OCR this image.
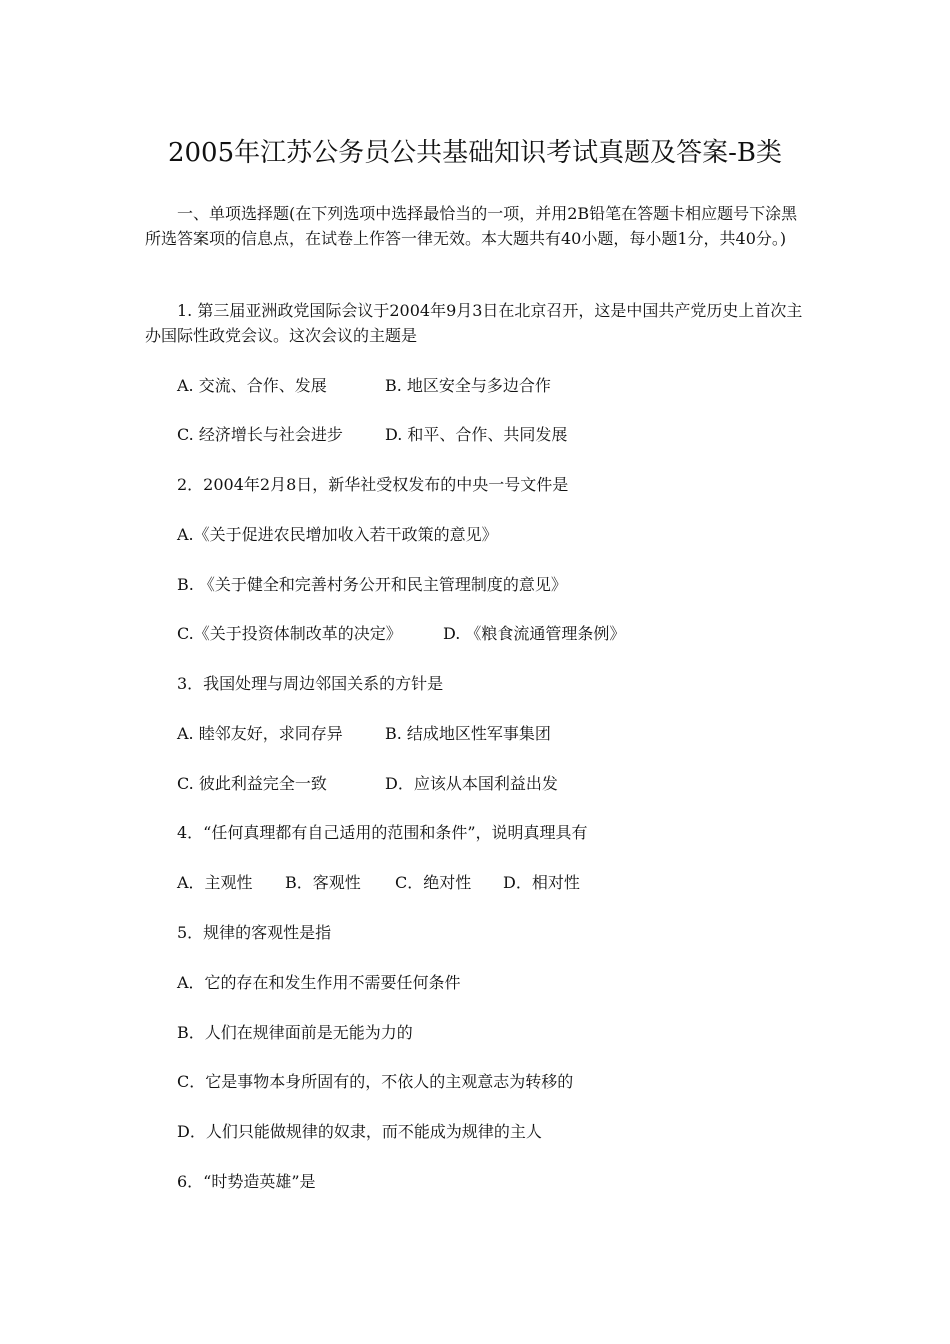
2005年江苏公务员公共基础知识考试真题及答案-B类
一、单项选择题(在下列选项中选择最恰当的一项，并用2B铅笔在答题卡相应题号下涂黑所选答案项的信息点，在试卷上作答一律无效。本大题共有40小题，每小题1分，共40分。)
1. 第三届亚洲政党国际会议于2004年9月3日在北京召开，这是中国共产党历史上首次主办国际性政党会议。这次会议的主题是
A. 交流、合作、发展	B. 地区安全与多边合作
C. 经济增长与社会进步	D. 和平、合作、共同发展
2．2004年2月8日，新华社受权发布的中央一号文件是
A.《关于促进农民增加收入若干政策的意见》
B. 《关于健全和完善村务公开和民主管理制度的意见》
C.《关于投资体制改革的决定》	D. 《粮食流通管理条例》
3．我国处理与周边邻国关系的方针是
A. 睦邻友好，求同存异	B. 结成地区性军事集团
C. 彼此利益完全一致	D．应该从本国利益出发
4．“任何真理都有自己适用的范围和条件”，说明真理具有
A．主观性 B．客观性 C．绝对性 D．相对性
5．规律的客观性是指
A．它的存在和发生作用不需要任何条件
B．人们在规律面前是无能为力的
C．它是事物本身所固有的，不依人的主观意志为转移的
D．人们只能做规律的奴隶，而不能成为规律的主人
6．“时势造英雄”是
